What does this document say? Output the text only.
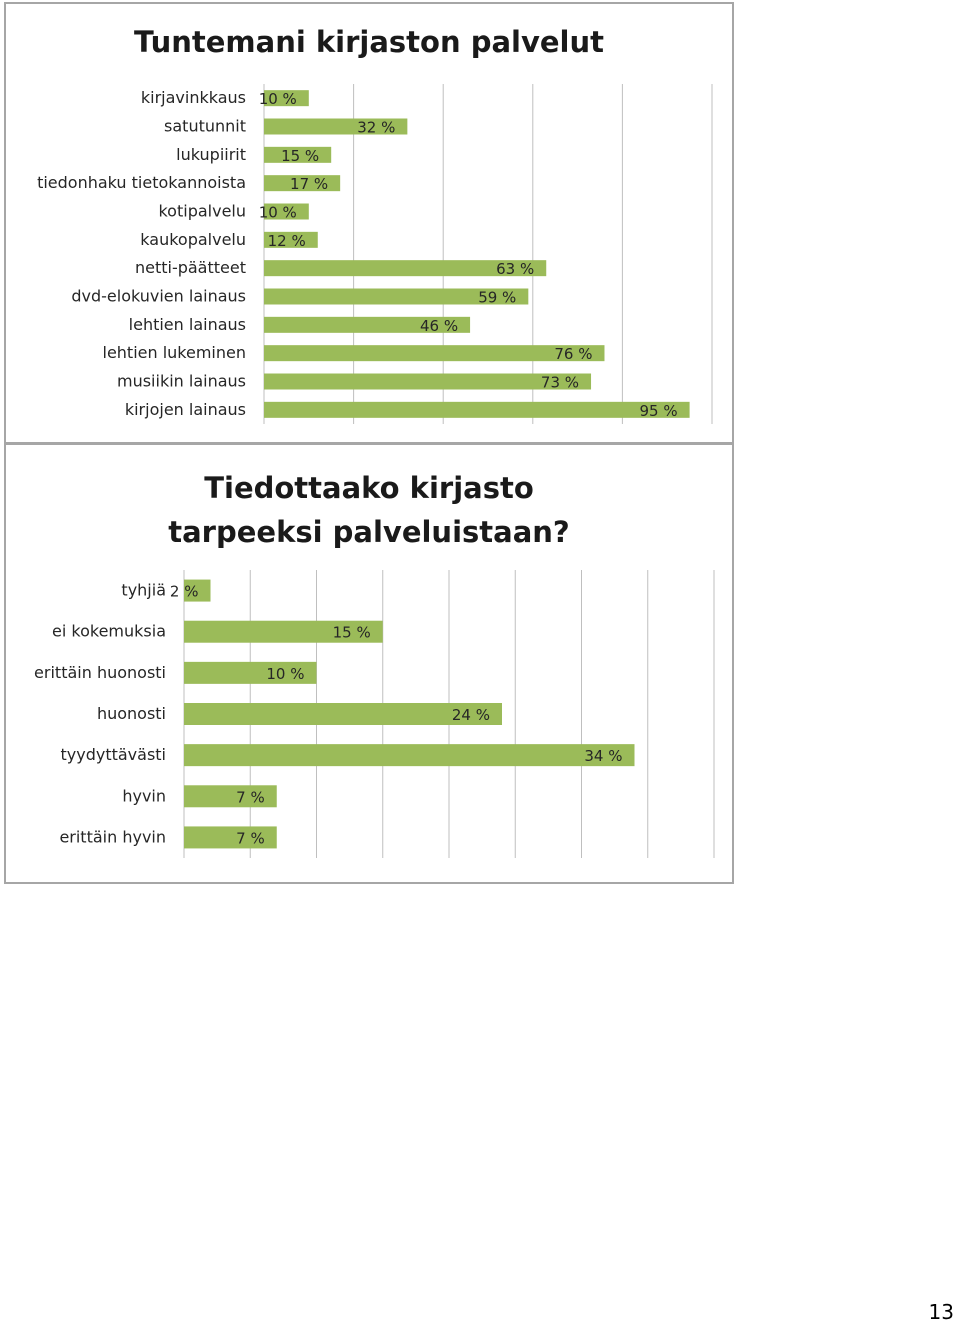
Tuntemani kirjaston palvelut
kirjavinkkaus 10 %
satutunnit	32 %
lukupiirit 15 %
tiedonhaku tietokannoista	17 %
kotipalvelu 10 %
kaukopalvelu 12 %
netti-päätteet	63 %
dvd-elokuvien lainaus	59 %
lehtien lainaus	46 %
lehtien lukeminen	76 %
musiikin lainaus	73 %
kirjojen lainaus	95 %
Tiedottaako kirjasto tarpeeksi palveluistaan?
tyhjiä 2 %
ei kokemuksia	15 %
erittäin huonosti	10 %
huonosti	24 %
tyydyttävästi	34 %
hyvin	7 %
erittäin hyvin	7 %
13
